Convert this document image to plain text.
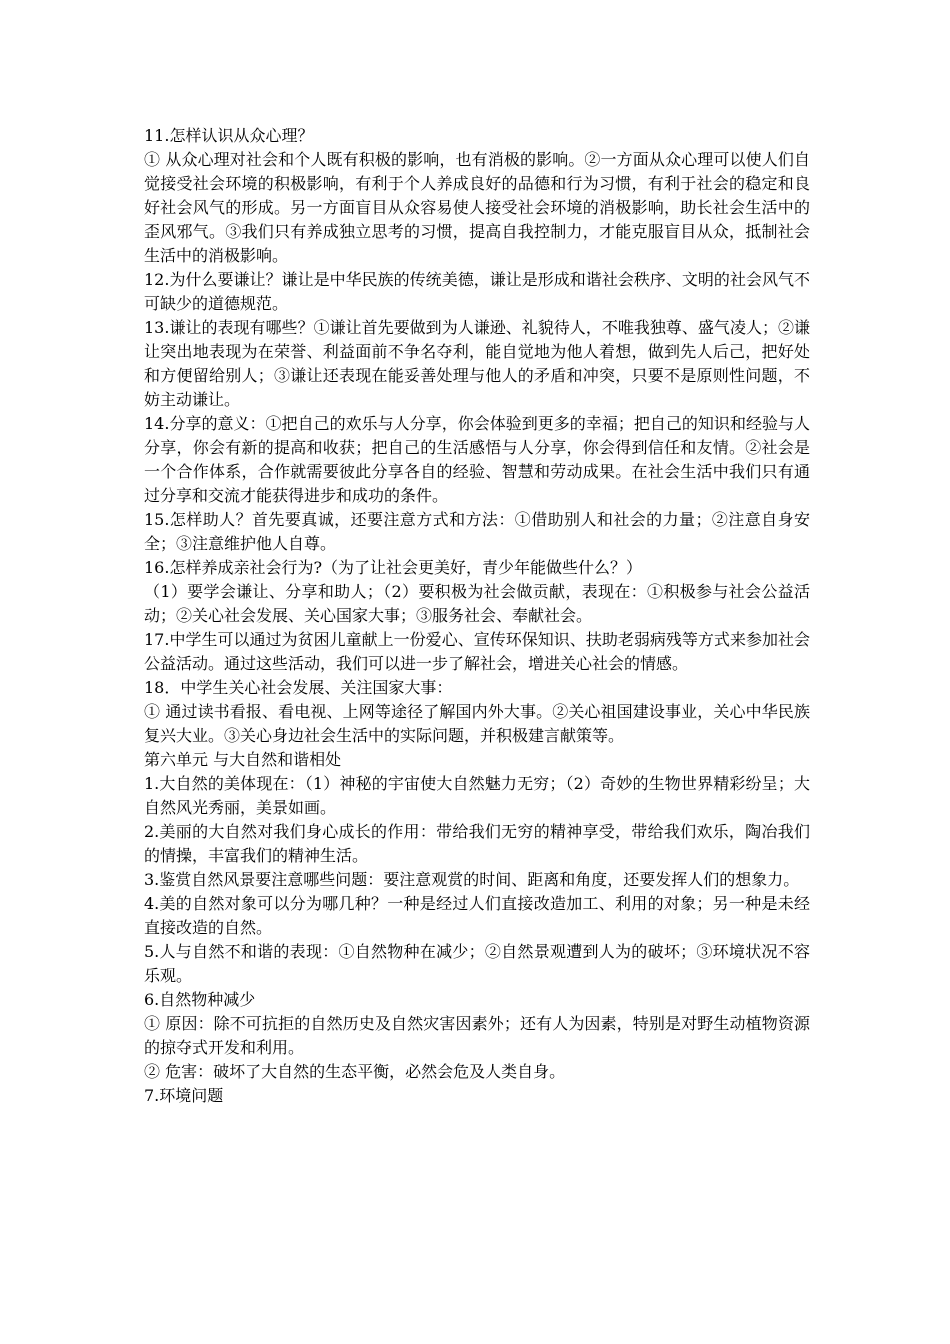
11.怎样认识从众心理？

① 从众心理对社会和个人既有积极的影响，也有消极的影响。②一方面从众心理可以使人们自觉接受社会环境的积极影响，有利于个人养成良好的品德和行为习惯，有利于社会的稳定和良好社会风气的形成。另一方面盲目从众容易使人接受社会环境的消极影响，助长社会生活中的歪风邪气。③我们只有养成独立思考的习惯，提高自我控制力，才能克服盲目从众，抵制社会生活中的消极影响。

12.为什么要谦让？谦让是中华民族的传统美德，谦让是形成和谐社会秩序、文明的社会风气不可缺少的道德规范。

13.谦让的表现有哪些？①谦让首先要做到为人谦逊、礼貌待人，不唯我独尊、盛气凌人；②谦让突出地表现为在荣誉、利益面前不争名夺利，能自觉地为他人着想，做到先人后己，把好处和方便留给别人；③谦让还表现在能妥善处理与他人的矛盾和冲突，只要不是原则性问题，不妨主动谦让。

14.分享的意义：①把自己的欢乐与人分享，你会体验到更多的幸福；把自己的知识和经验与人分享，你会有新的提高和收获；把自己的生活感悟与人分享，你会得到信任和友情。②社会是一个合作体系，合作就需要彼此分享各自的经验、智慧和劳动成果。在社会生活中我们只有通过分享和交流才能获得进步和成功的条件。

15.怎样助人？首先要真诚，还要注意方式和方法：①借助别人和社会的力量；②注意自身安全；③注意维护他人自尊。

16.怎样养成亲社会行为?（为了让社会更美好，青少年能做些什么？）

（1）要学会谦让、分享和助人；（2）要积极为社会做贡献，表现在：①积极参与社会公益活动；②关心社会发展、关心国家大事；③服务社会、奉献社会。

17.中学生可以通过为贫困儿童献上一份爱心、宣传环保知识、扶助老弱病残等方式来参加社会公益活动。通过这些活动，我们可以进一步了解社会，增进关心社会的情感。

18．中学生关心社会发展、关注国家大事：

① 通过读书看报、看电视、上网等途径了解国内外大事。②关心祖国建设事业，关心中华民族复兴大业。③关心身边社会生活中的实际问题，并积极建言献策等。

第六单元 与大自然和谐相处

1.大自然的美体现在：（1）神秘的宇宙使大自然魅力无穷；（2）奇妙的生物世界精彩纷呈；大自然风光秀丽，美景如画。

2.美丽的大自然对我们身心成长的作用：带给我们无穷的精神享受，带给我们欢乐，陶冶我们的情操，丰富我们的精神生活。

3.鉴赏自然风景要注意哪些问题：要注意观赏的时间、距离和角度，还要发挥人们的想象力。

4.美的自然对象可以分为哪几种？一种是经过人们直接改造加工、利用的对象；另一种是未经直接改造的自然。

5.人与自然不和谐的表现：①自然物种在减少；②自然景观遭到人为的破坏；③环境状况不容乐观。

6.自然物种减少

① 原因：除不可抗拒的自然历史及自然灾害因素外；还有人为因素，特别是对野生动植物资源的掠夺式开发和利用。

② 危害：破坏了大自然的生态平衡，必然会危及人类自身。

7.环境问题
